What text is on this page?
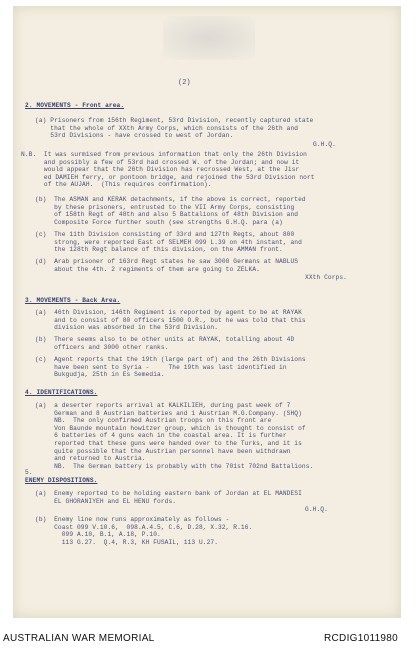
(2)
2. MOVEMENTS - Front area.
(a) Prisoners from 156th Regiment, 53rd Division, recently captured state
that the whole of XXth Army Corps, which consists of the 26th and
53rd Divisions - have crossed to west of Jordan.
G.H.Q.
N.B.  It was surmised from previous information that only the 26th Division
and possibly a few of 53rd had crossed W. of the Jordan; and now it
would appear that the 26th Division has recrossed West, at the Jisr
ed DAMIEH ferry, or pontoon bridge, and rejoined the 53rd Division nort
of the AUJAH.  (This requires confirmation).
(b)  The ASMAN and KERAK detachments, if the above is correct, reported
by these prisoners, entrusted to the VII Army Corps, consisting
of 158th Regt of 48th and also 5 Battalions of 48th Division and
Composite Force further south (see strengths G.H.Q. para (a)
(c)  The 11th Division consisting of 33rd and 127th Regts, about 800
strong, were reported East of SELMEH 099 L.39 on 4th instant, and
the 128th Regt balance of this division, on the AMMAN front.
(d)  Arab prisoner of 163rd Regt states he saw 3000 Germans at NABLUS
about the 4th. 2 regiments of them are going to ZELKA.
XXth Corps.
3. MOVEMENTS - Back Area.
(a)  46th Division, 146th Regiment is reported by agent to be at RAYAK
and to consist of 80 officers 1500 O.R., but he was told that this
division was absorbed in the 53rd Division.
(b)  There seems also to be other units at RAYAK, totalling about 4D
officers and 3000 other ranks.
(c)  Agent reports that the 19th (large part of) and the 26th Divisions
have been sent to Syria -     The 19th was last identified in
Bukgudja, 25th in Es Semedia.
4. IDENTIFICATIONS.
(a)  a deserter reports arrival at KALKILIEH, during past week of 7
German and 8 Austrian batteries and 1 Austrian M.G.Company. (SHQ)
NB.  The only confirmed Austrian troops on this front are
Von Baunde mountain howitzer group, which is thought to consist of
6 batteries of 4 guns each in the coastal area. It is further
reported that these guns were handed over to the Turks, and it is
quite possible that the Austrian personnel have been withdrawn
and returned to Austria.
NB.  The German battery is probably with the 701st 702nd Battalions.
5.
ENEMY DISPOSITIONS.
(a)  Enemy reported to be holding eastern bank of Jordan at EL MANDESI
EL GHORANIYEH and EL HENU fords.
G.H.Q.
(b)  Enemy line now runs approximately as follows -
Coast 099 V.10.6,  098.A.4.5, C.6, D.28, X.32, R.16.
099 A.10, B.1, A.18, P.10.
113 G.27.  Q.4, R.3, KH FUSAIL, 113 U.27.
AUSTRALIAN WAR MEMORIAL	RCDIG1011980
